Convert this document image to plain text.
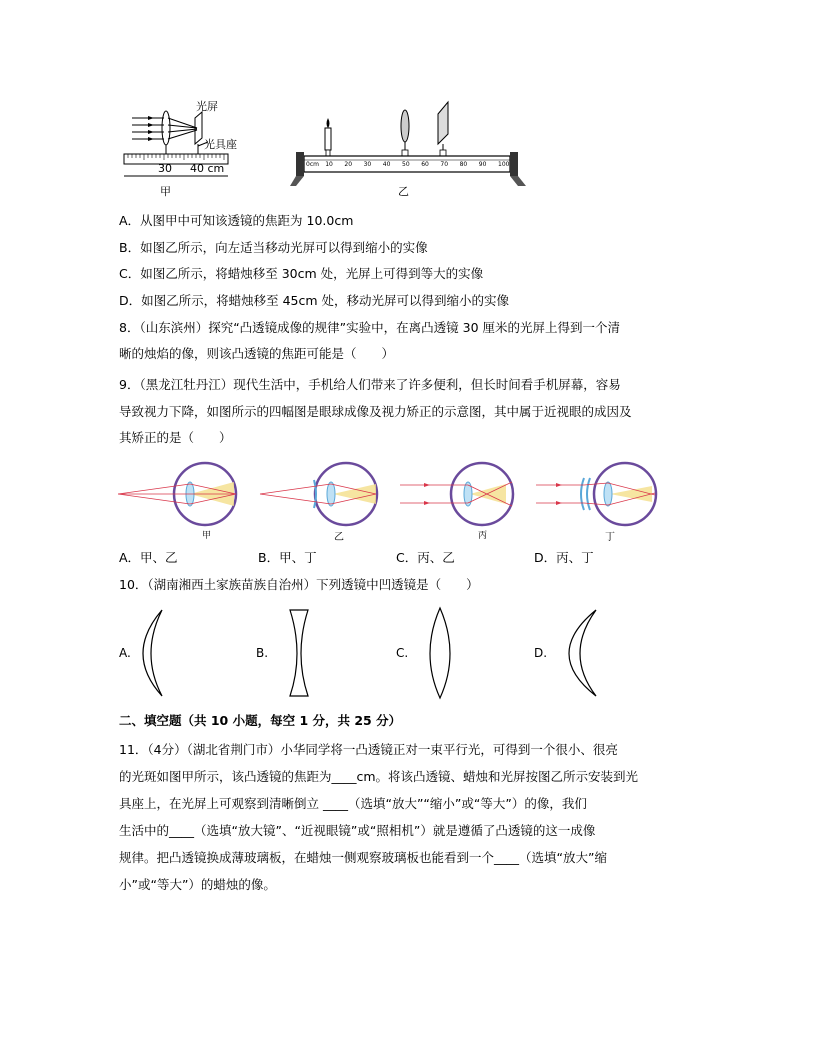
光屏
光具座
30 40 cm
甲
0cm 10 20 30 40 50 60 70 80 90 100
乙
A．从图甲中可知该透镜的焦距为 10.0cm
B．如图乙所示，向左适当移动光屏可以得到缩小的实像
C．如图乙所示，将蜡烛移至 30cm 处，光屏上可得到等大的实像
D．如图乙所示，将蜡烛移至 45cm 处，移动光屏可以得到缩小的实像
8．（山东滨州）探究“凸透镜成像的规律”实验中，在离凸透镜 30 厘米的光屏上得到一个清
晰的烛焰的像，则该凸透镜的焦距可能是（　　）
9．（黑龙江牡丹江）现代生活中，手机给人们带来了许多便利，但长时间看手机屏幕，容易
导致视力下降，如图所示的四幅图是眼球成像及视力矫正的示意图，其中属于近视眼的成因及
其矫正的是（　　）
甲	乙	丙	丁
A．甲、乙	B．甲、丁	C．丙、乙	D．丙、丁
10．（湖南湘西土家族苗族自治州）下列透镜中凹透镜是（　　）
A.	B.	C.	D.
二、填空题（共 10 小题，每空 1 分，共 25 分）
11．（4分）（湖北省荆门市）小华同学将一凸透镜正对一束平行光，可得到一个很小、很亮
的光斑如图甲所示，该凸透镜的焦距为____cm。将该凸透镜、蜡烛和光屏按图乙所示安装到光
具座上，在光屏上可观察到清晰倒立 ____（选填“放大”“缩小”或“等大”）的像，我们
生活中的____（选填“放大镜”、“近视眼镜”或“照相机”）就是遵循了凸透镜的这一成像
规律。把凸透镜换成薄玻璃板，在蜡烛一侧观察玻璃板也能看到一个____（选填“放大”缩
小”或“等大”）的蜡烛的像。
